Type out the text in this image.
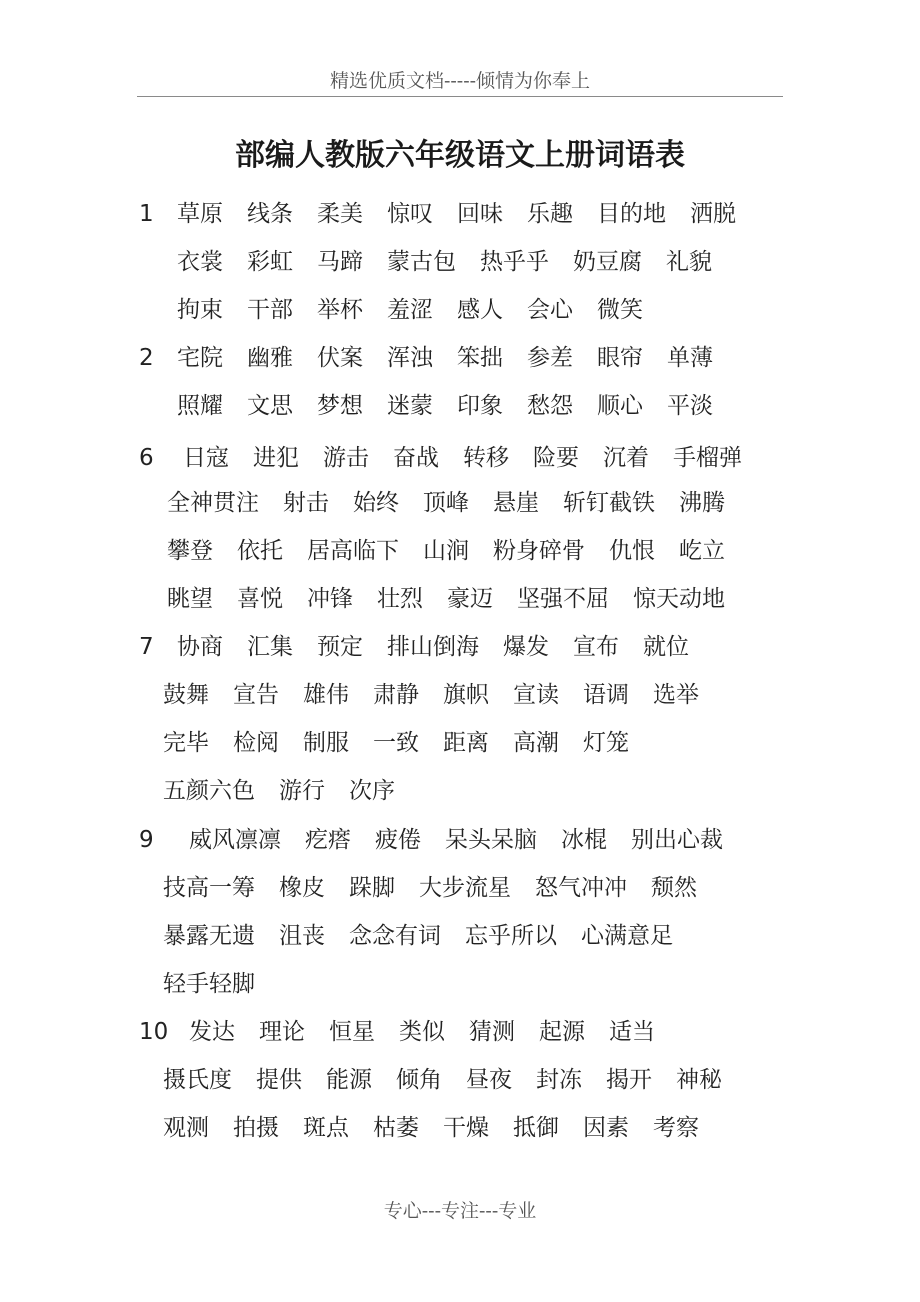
精选优质文档-----倾情为你奉上
部编人教版六年级语文上册词语表
1 草原 线条 柔美 惊叹 回味 乐趣 目的地 洒脱
衣裳 彩虹 马蹄 蒙古包 热乎乎 奶豆腐 礼貌
拘束 干部 举杯 羞涩 感人 会心 微笑
2 宅院 幽雅 伏案 浑浊 笨拙 参差 眼帘 单薄
照耀 文思 梦想 迷蒙 印象 愁怨 顺心 平淡
6 日寇 进犯 游击 奋战 转移 险要 沉着 手榴弹
全神贯注 射击 始终 顶峰 悬崖 斩钉截铁 沸腾
攀登 依托 居高临下 山涧 粉身碎骨 仇恨 屹立
眺望 喜悦 冲锋 壮烈 豪迈 坚强不屈 惊天动地
7 协商 汇集 预定 排山倒海 爆发 宣布 就位
鼓舞 宣告 雄伟 肃静 旗帜 宣读 语调 选举
完毕 检阅 制服 一致 距离 高潮 灯笼
五颜六色 游行 次序
9 威风凛凛 疙瘩 疲倦 呆头呆脑 冰棍 别出心裁
技高一筹 橡皮 跺脚 大步流星 怒气冲冲 颓然
暴露无遗 沮丧 念念有词 忘乎所以 心满意足
轻手轻脚
10 发达 理论 恒星 类似 猜测 起源 适当
摄氏度 提供 能源 倾角 昼夜 封冻 揭开 神秘
观测 拍摄 斑点 枯萎 干燥 抵御 因素 考察
专心---专注---专业
